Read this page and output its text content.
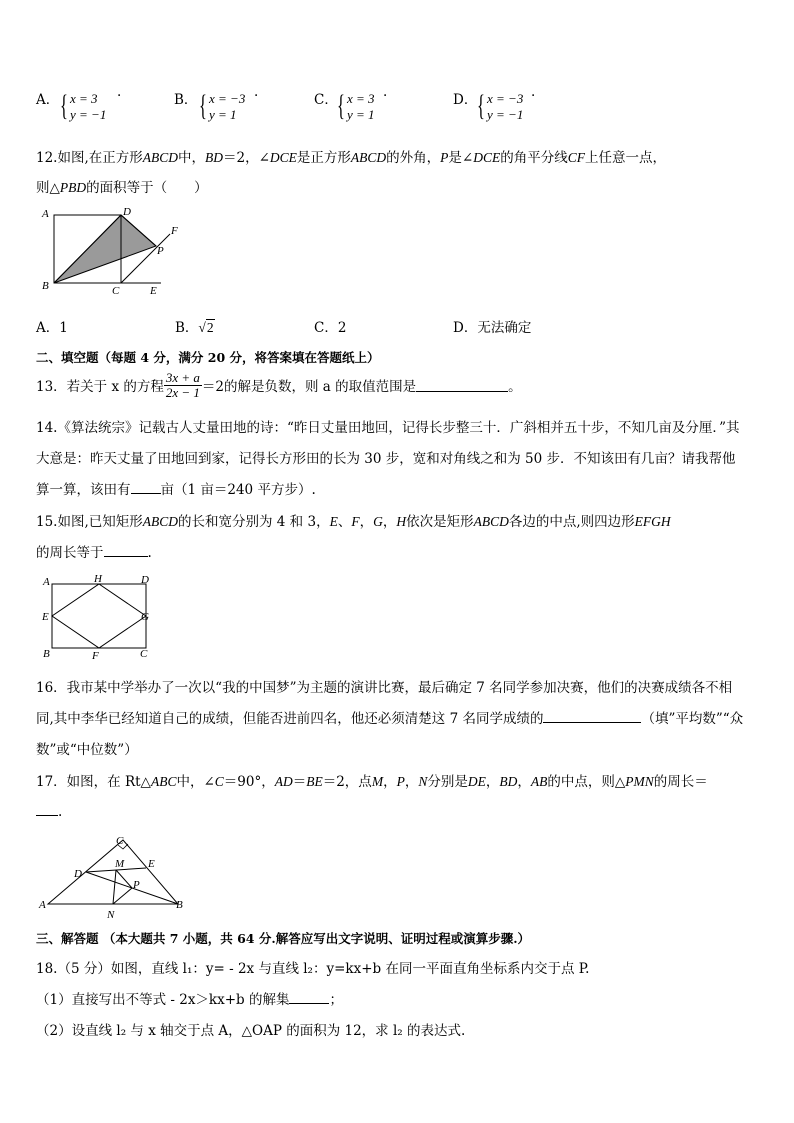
A． { x = 3
y = −1
·	B． { x = −3
y = 1
·	C． { x = 3
y = 1
·	D． { x = −3
y = −1
·
12.如图,在正方形ABCD中，BD＝2，∠DCE是正方形ABCD的外角，P是∠DCE的角平分线CF上任意一点，
则△PBD的面积等于（　　）
A	D
F
P
B	C	E
A．1	B．√2	C．2	D．无法确定
二、填空题（每题 4 分，满分 20 分，将答案填在答题纸上）
13．若关于 x 的方程 $\frac{3x + a}{2x - 1} =2$的解是负数，则 a 的取值范围是	。
14.《算法统宗》记载古人丈量田地的诗：“昨日丈量田地回，记得长步整三十．广斜相并五十步，不知几亩及分厘．”其
大意是：昨天丈量了田地回到家，记得长方形田的长为 30 步，宽和对角线之和为 50 步．不知该田有几亩？请我帮他
算一算，该田有 亩（1 亩＝240 平方步）.
15.如图,已知矩形ABCD的长和宽分别为 4 和 3，E、F，G，H依次是矩形ABCD各边的中点,则四边形EFGH
的周长等于	.
A	H	D
E	G
B	F	C
16．我市某中学举办了一次以“我的中国梦”为主题的演讲比赛，最后确定 7 名同学参加决赛，他们的决赛成绩各不相
同,其中李华已经知道自己的成绩，但能否进前四名，他还必须清楚这 7 名同学成绩的	（填”平均数”“众
数”或“中位数”）
17．如图，在 Rt△ABC中，∠C＝90°，AD＝BE＝2，点M，P，N分别是DE，BD，AB的中点，则△PMN的周长＝
.
C
M E
D
P
A
N
B
三、解答题 （本大题共 7 小题，共 64 分.解答应写出文字说明、证明过程或演算步骤.）
18.（5 分）如图，直线 l₁：y= - 2x 与直线 l₂：y=kx+b 在同一平面直角坐标系内交于点 P.
（1）直接写出不等式 - 2x＞kx+b 的解集	；
（2）设直线 l₂ 与 x 轴交于点 A，△OAP 的面积为 12，求 l₂ 的表达式.
